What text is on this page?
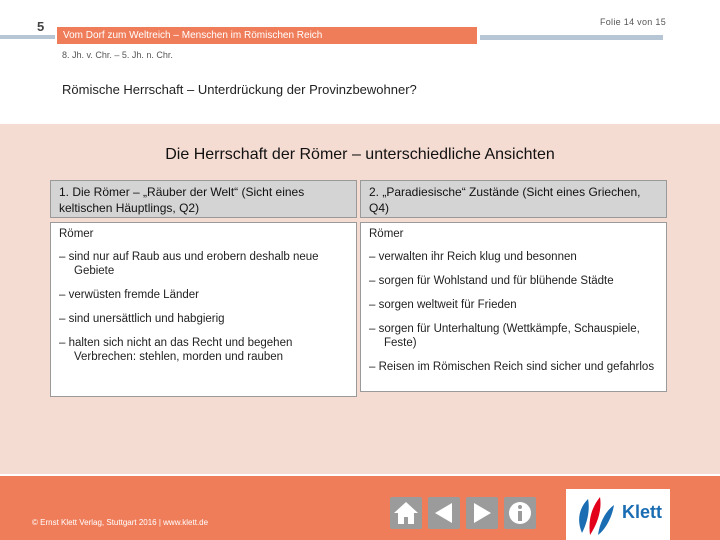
5	Folie 14 von 15
Vom Dorf zum Weltreich – Menschen im Römischen Reich
8. Jh. v. Chr. – 5. Jh. n. Chr.
Römische Herrschaft – Unterdrückung der Provinzbewohner?
Die Herrschaft der Römer – unterschiedliche Ansichten
1. Die Römer – „Räuber der Welt“ (Sicht eines keltischen Häuptlings, Q2)
2. „Paradiesische“ Zustände (Sicht eines Griechen, Q4)
Römer
– sind nur auf Raub aus und erobern deshalb neue Gebiete
– verwüsten fremde Länder
– sind unersättlich und habgierig
– halten sich nicht an das Recht und begehen Verbrechen: stehlen, morden und rauben
Römer
– verwalten ihr Reich klug und besonnen
– sorgen für Wohlstand und für blühende Städte
– sorgen weltweit für Frieden
– sorgen für Unterhaltung (Wettkämpfe, Schauspiele, Feste)
– Reisen im Römischen Reich sind sicher und gefahrlos
© Ernst Klett Verlag, Stuttgart 2016 | www.klett.de
Klett
